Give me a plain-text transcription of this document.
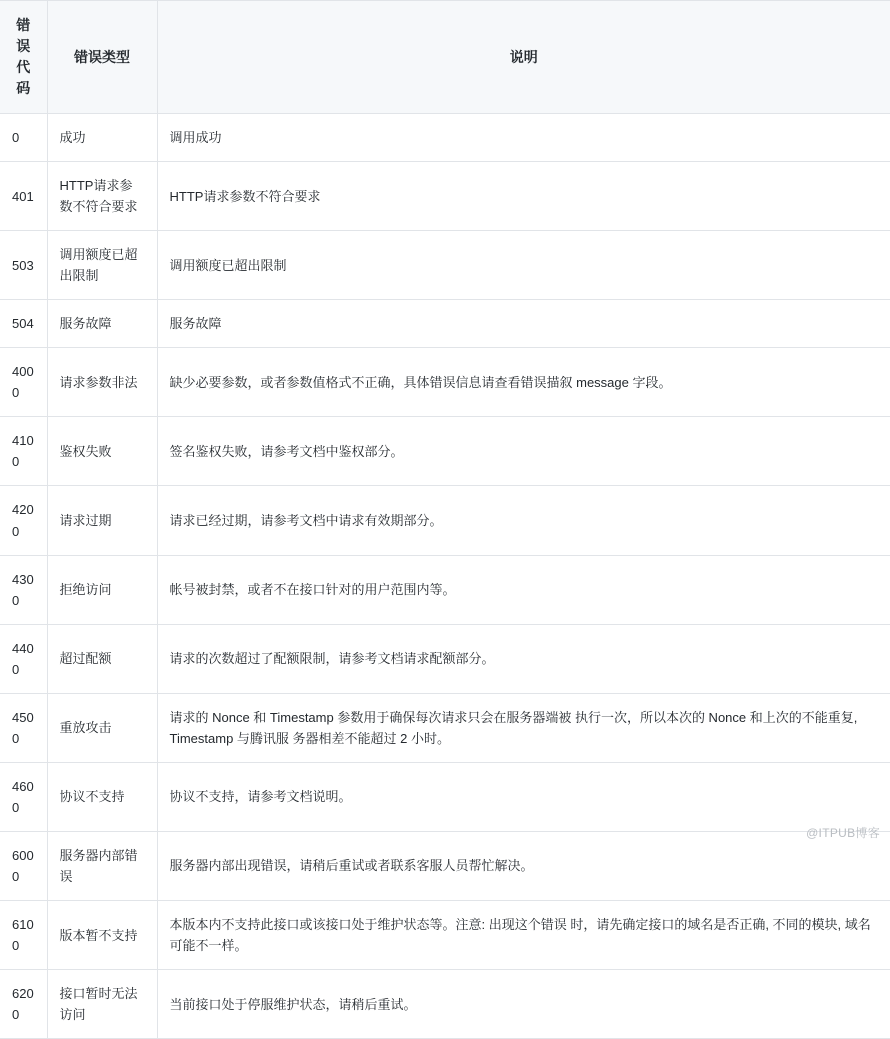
错误
代码	错误类型	说明
0	成功	调用成功
401	HTTP请求参数不符合要求	HTTP请求参数不符合要求
503	调用额度已超出限制	调用额度已超出限制
504	服务故障	服务故障
4000	请求参数非法	缺少必要参数，或者参数值格式不正确，具体错误信息请查看错误描叙 message 字段。
4100	鉴权失败	签名鉴权失败，请参考文档中鉴权部分。
4200	请求过期	请求已经过期，请参考文档中请求有效期部分。
4300	拒绝访问	帐号被封禁，或者不在接口针对的用户范围内等。
4400	超过配额	请求的次数超过了配额限制，请参考文档请求配额部分。
4500	重放攻击	请求的 Nonce 和 Timestamp 参数用于确保每次请求只会在服务器端被 执行一次，所以本次的 Nonce 和上次的不能重复, Timestamp 与腾讯服 务器相差不能超过 2 小时。
4600	协议不支持	协议不支持，请参考文档说明。
6000	服务器内部错误	服务器内部出现错误，请稍后重试或者联系客服人员帮忙解决。
6100	版本暂不支持	本版本内不支持此接口或该接口处于维护状态等。注意: 出现这个错误 时，请先确定接口的域名是否正确, 不同的模块, 域名可能不一样。
6200	接口暂时无法访问	当前接口处于停服维护状态，请稍后重试。
@ITPUB博客
